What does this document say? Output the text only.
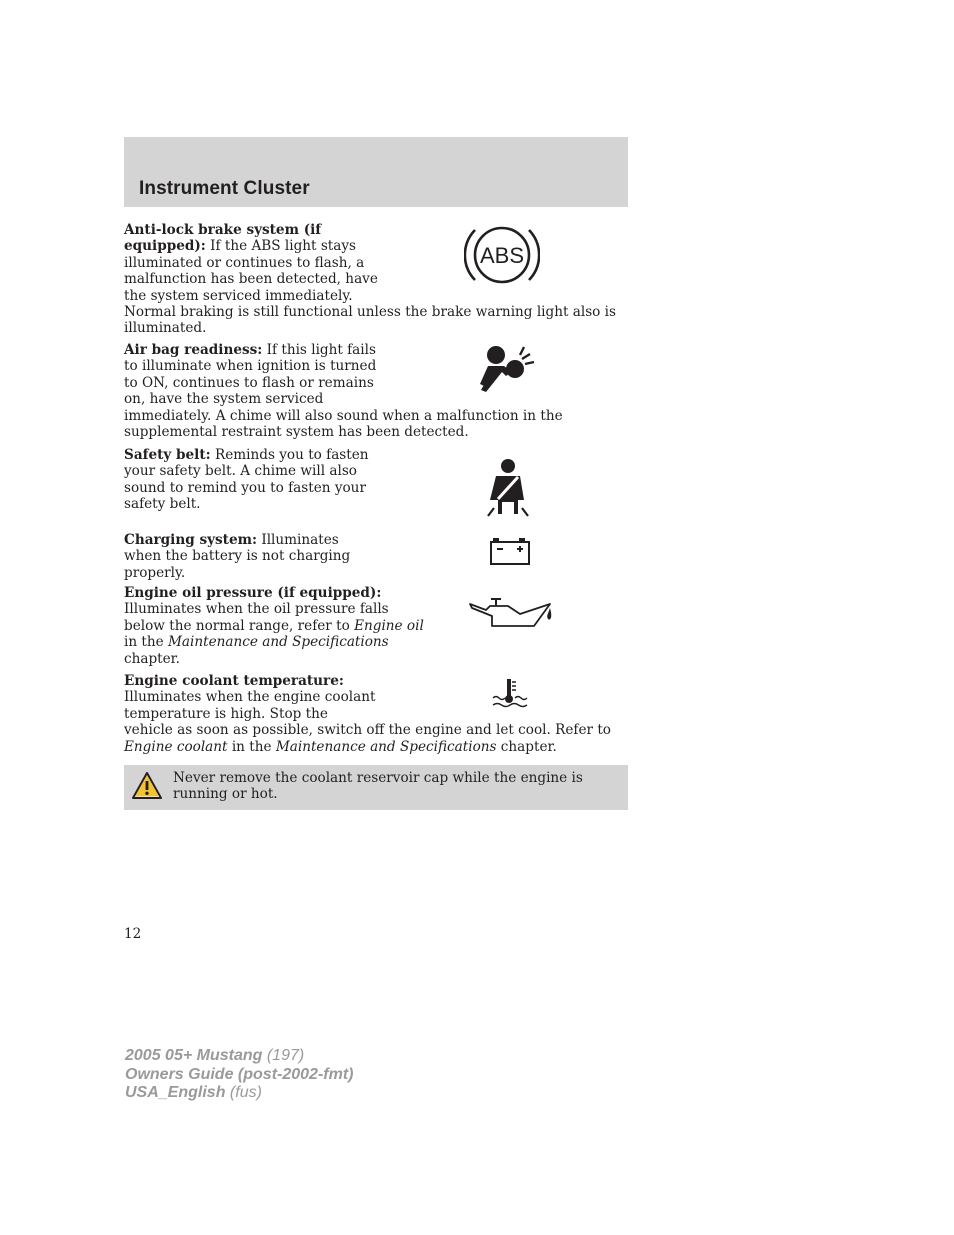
Instrument Cluster

Anti-lock brake system (if equipped): If the ABS light stays illuminated or continues to flash, a malfunction has been detected, have the system serviced immediately.

Normal braking is still functional unless the brake warning light also is illuminated.

ABS

Air bag readiness: If this light fails to illuminate when ignition is turned to ON, continues to flash or remains on, have the system serviced

immediately. A chime will also sound when a malfunction in the supplemental restraint system has been detected.

Safety belt: Reminds you to fasten your safety belt. A chime will also sound to remind you to fasten your safety belt.

Charging system: Illuminates when the battery is not charging properly.

Engine oil pressure (if equipped): Illuminates when the oil pressure falls below the normal range, refer to Engine oil in the Maintenance and Specifications chapter.

Engine coolant temperature:
Illuminates when the engine coolant temperature is high. Stop the

vehicle as soon as possible, switch off the engine and let cool. Refer to Engine coolant in the Maintenance and Specifications chapter.

Never remove the coolant reservoir cap while the engine is running or hot.
12
2005 05+ Mustang (197)
Owners Guide (post-2002-fmt)
USA_English (fus)
